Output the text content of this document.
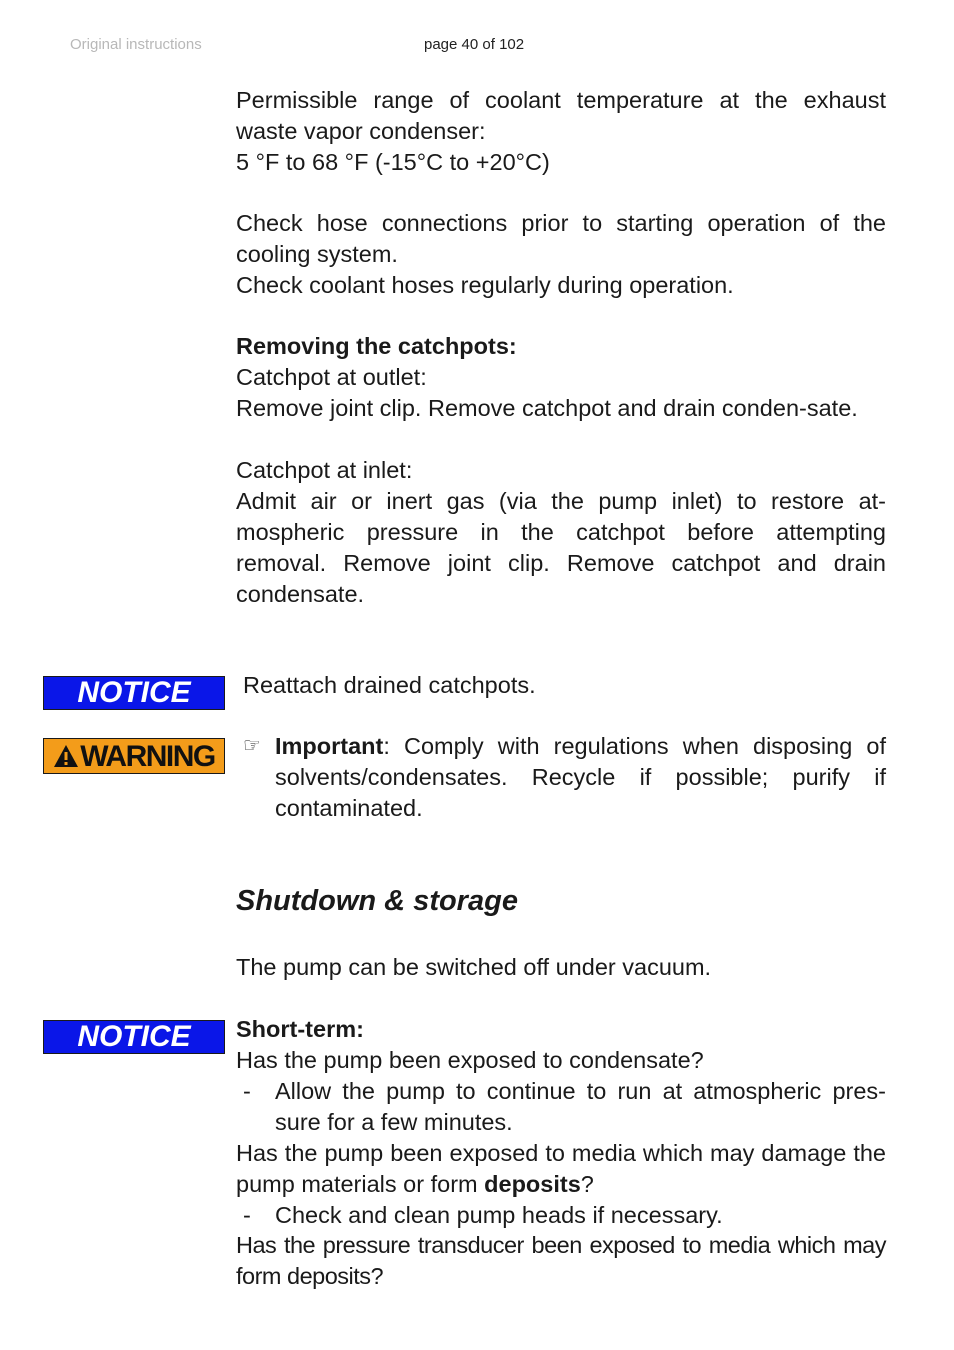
Original instructions	page 40 of 102
Permissible range of coolant temperature at the exhaust
waste vapor condenser:
5 °F to 68 °F (-15°C to +20°C)
Check hose connections prior to starting operation of the
cooling system.
Check coolant hoses regularly during operation.
Removing the catchpots:
Catchpot at outlet:
Remove joint clip. Remove catchpot and drain conden-sate.
Catchpot at inlet:
Admit air or inert gas (via the pump inlet) to restore at-mospheric pressure in the catchpot before attempting removal. Remove joint clip. Remove catchpot and drain condensate.
NOTICE	Reattach drained catchpots.
WARNING ☞ Important: Comply with regulations when disposing of solvents/condensates. Recycle if possible; purify if contaminated.
Shutdown & storage
The pump can be switched off under vacuum.
NOTICE	Short-term:
Has the pump been exposed to condensate?
- Allow the pump to continue to run at atmospheric pres-sure for a few minutes.
Has the pump been exposed to media which may damage the pump materials or form deposits?
- Check and clean pump heads if necessary.
Has the pressure transducer been exposed to media which may form deposits?
